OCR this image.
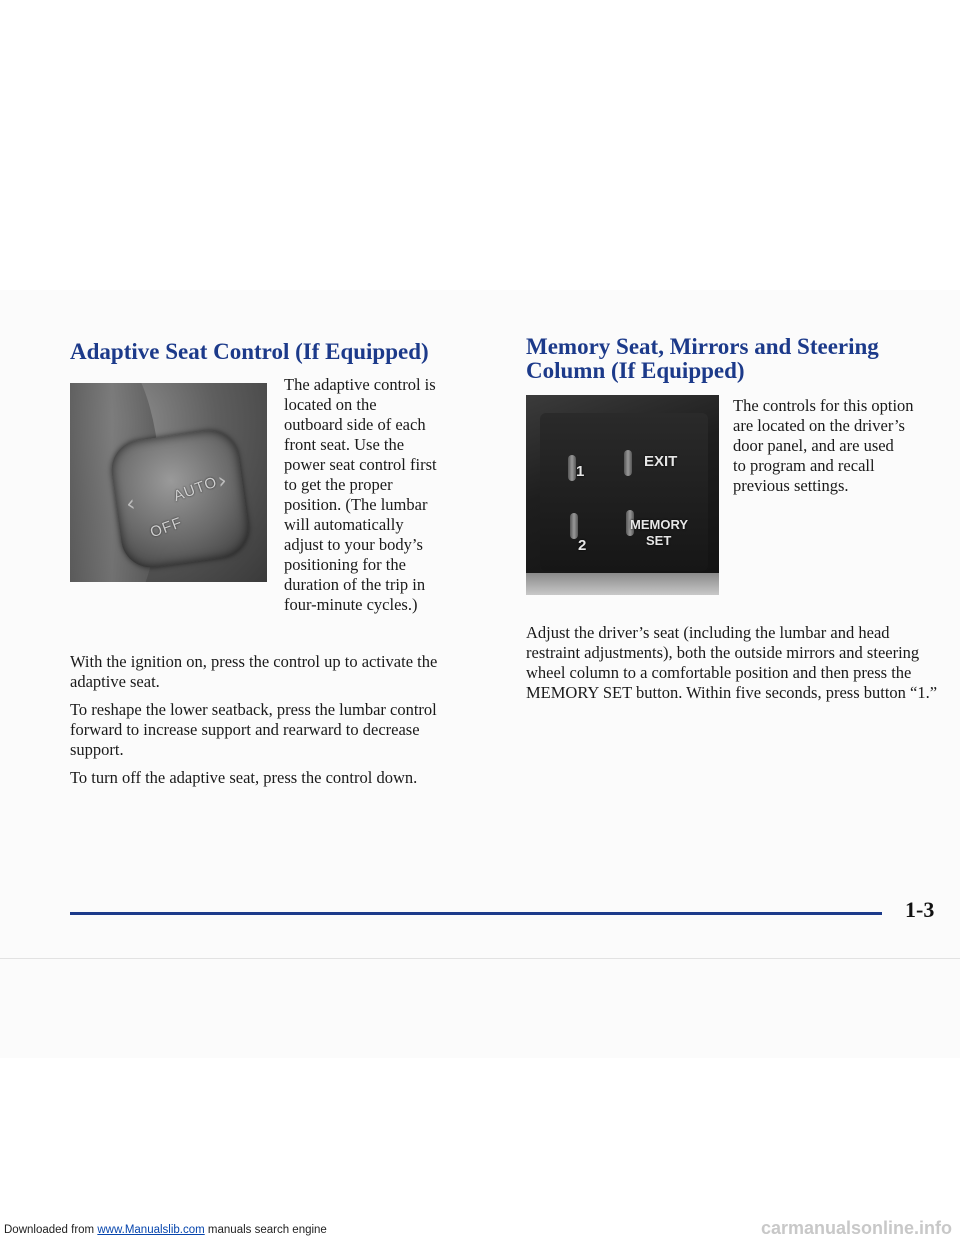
Adaptive Seat Control (If Equipped)
AUTO
OFF
‹
›

The adaptive control is

located on the

outboard side of each

front seat. Use the

power seat control first

to get the proper

position. (The lumbar

will automatically

adjust to your body’s

positioning for the

duration of the trip in

four-minute cycles.)

With the ignition on, press the control up to activate the adaptive seat.

To reshape the lower seatback, press the lumbar control forward to increase support and rearward to decrease support.

To turn off the adaptive seat, press the control down.

Memory Seat, Mirrors and Steering
Column (If Equipped)
1
EXIT
2
MEMORY
SET

The controls for this option

are located on the driver’s

door panel, and are used

to program and recall

previous settings.

Adjust the driver’s seat (including the lumbar and head restraint adjustments), both the outside mirrors and steering wheel column to a comfortable position and then press the MEMORY SET button. Within five seconds, press button “1.”

1-3

Downloaded from www.Manualslib.com manuals search engine	carmanualsonline.info
